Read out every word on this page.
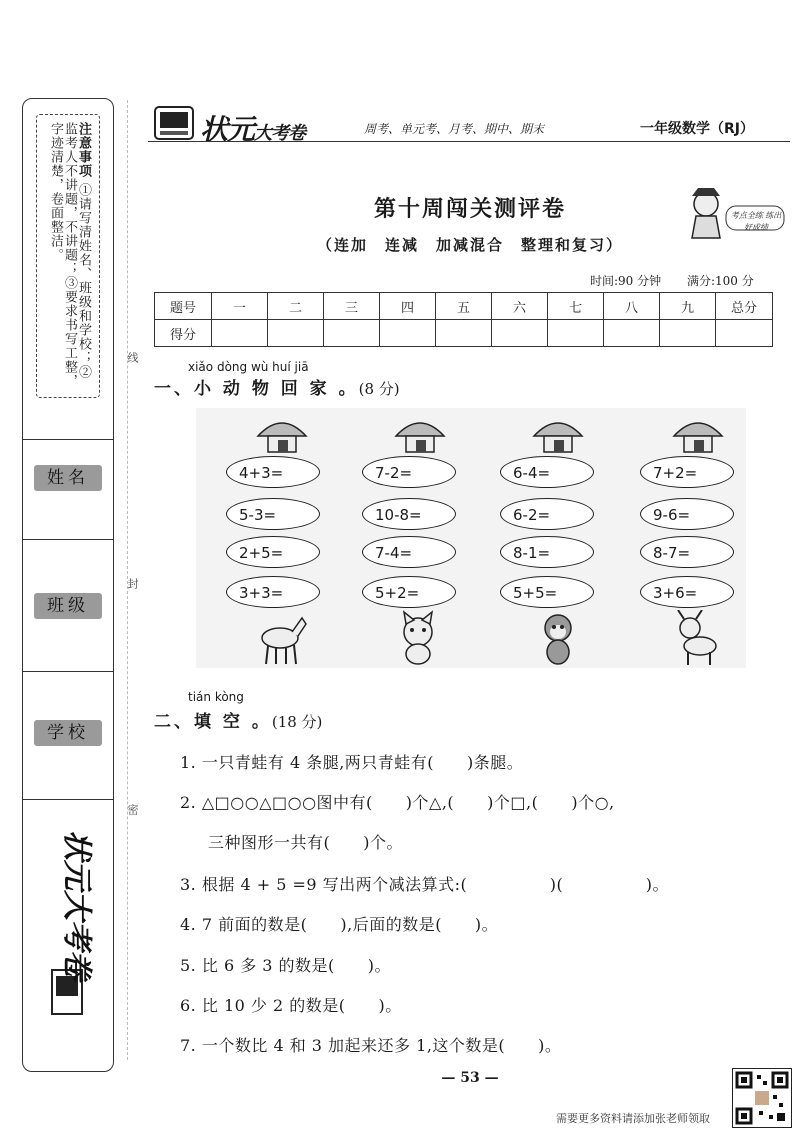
注意事项 ①请写清姓名、班级和学校；②监考人不讲题，不讲题；③要求书写工整，字迹清楚，卷面整洁。
姓名
班级
学校
状元大考卷
线
封
密
状元大考卷	周考、单元考、月考、期中、期末	一年级数学（RJ）
第十周闯关测评卷
（连加　连减　加减混合　整理和复习）
考点全练 练出好成绩
时间:90 分钟 满分:100 分
题号	一	二	三	四	五	六	七	八	九	总分
得分										
xiǎo dòng wù huí jiā
一、小 动 物 回 家 。(8 分)
4+3=
5-3=
2+5=
3+3=
7-2=
10-8=
7-4=
5+2=
6-4=
6-2=
8-1=
5+5=
7+2=
9-6=
8-7=
3+6=
tián kòng
二、填 空 。(18 分)
1. 一只青蛙有 4 条腿,两只青蛙有(　　)条腿。
2. △□○○△□○○图中有(　　)个△,(　　)个□,(　　)个○,
三种图形一共有(　　)个。
3. 根据 4 + 5 =9 写出两个减法算式:(　　　　　)(　　　　　)。
4. 7 前面的数是(　　),后面的数是(　　)。
5. 比 6 多 3 的数是(　　)。
6. 比 10 少 2 的数是(　　)。
7. 一个数比 4 和 3 加起来还多 1,这个数是(　　)。
— 53 —
需要更多资料请添加张老师领取
